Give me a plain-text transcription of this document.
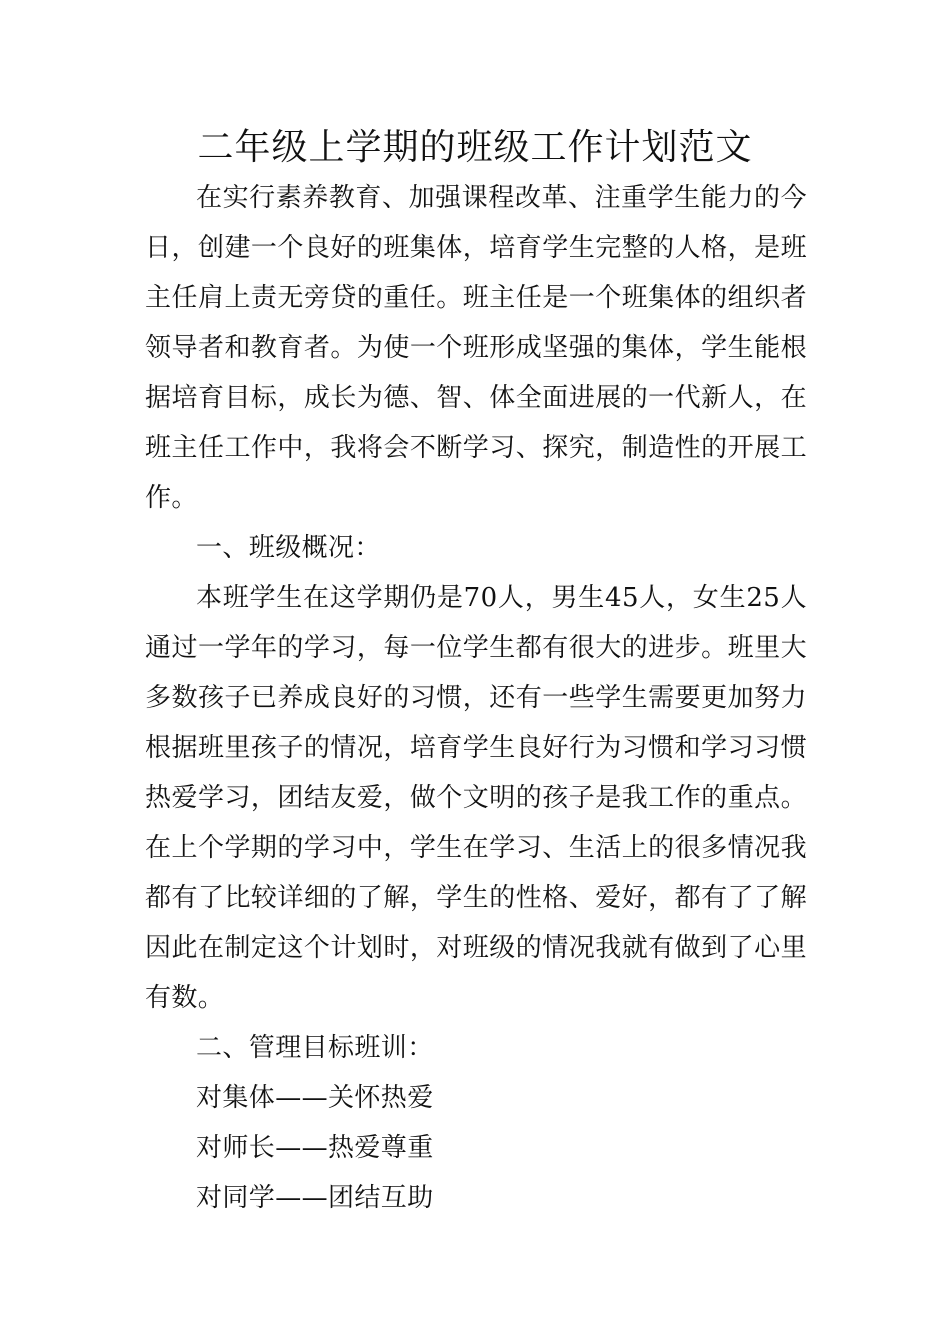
二年级上学期的班级工作计划范文
在实行素养教育、加强课程改革、注重学生能力的今
日，创建一个良好的班集体，培育学生完整的人格，是班
主任肩上责无旁贷的重任。班主任是一个班集体的组织者
领导者和教育者。为使一个班形成坚强的集体，学生能根
据培育目标，成长为德、智、体全面进展的一代新人，在
班主任工作中，我将会不断学习、探究，制造性的开展工
作。
一、班级概况：
本班学生在这学期仍是70人，男生45人，女生25人
通过一学年的学习，每一位学生都有很大的进步。班里大
多数孩子已养成良好的习惯，还有一些学生需要更加努力
根据班里孩子的情况，培育学生良好行为习惯和学习习惯
热爱学习，团结友爱，做个文明的孩子是我工作的重点。
在上个学期的学习中，学生在学习、生活上的很多情况我
都有了比较详细的了解，学生的性格、爱好，都有了了解
因此在制定这个计划时，对班级的情况我就有做到了心里
有数。
二、管理目标班训：
对集体——关怀热爱
对师长——热爱尊重
对同学——团结互助
